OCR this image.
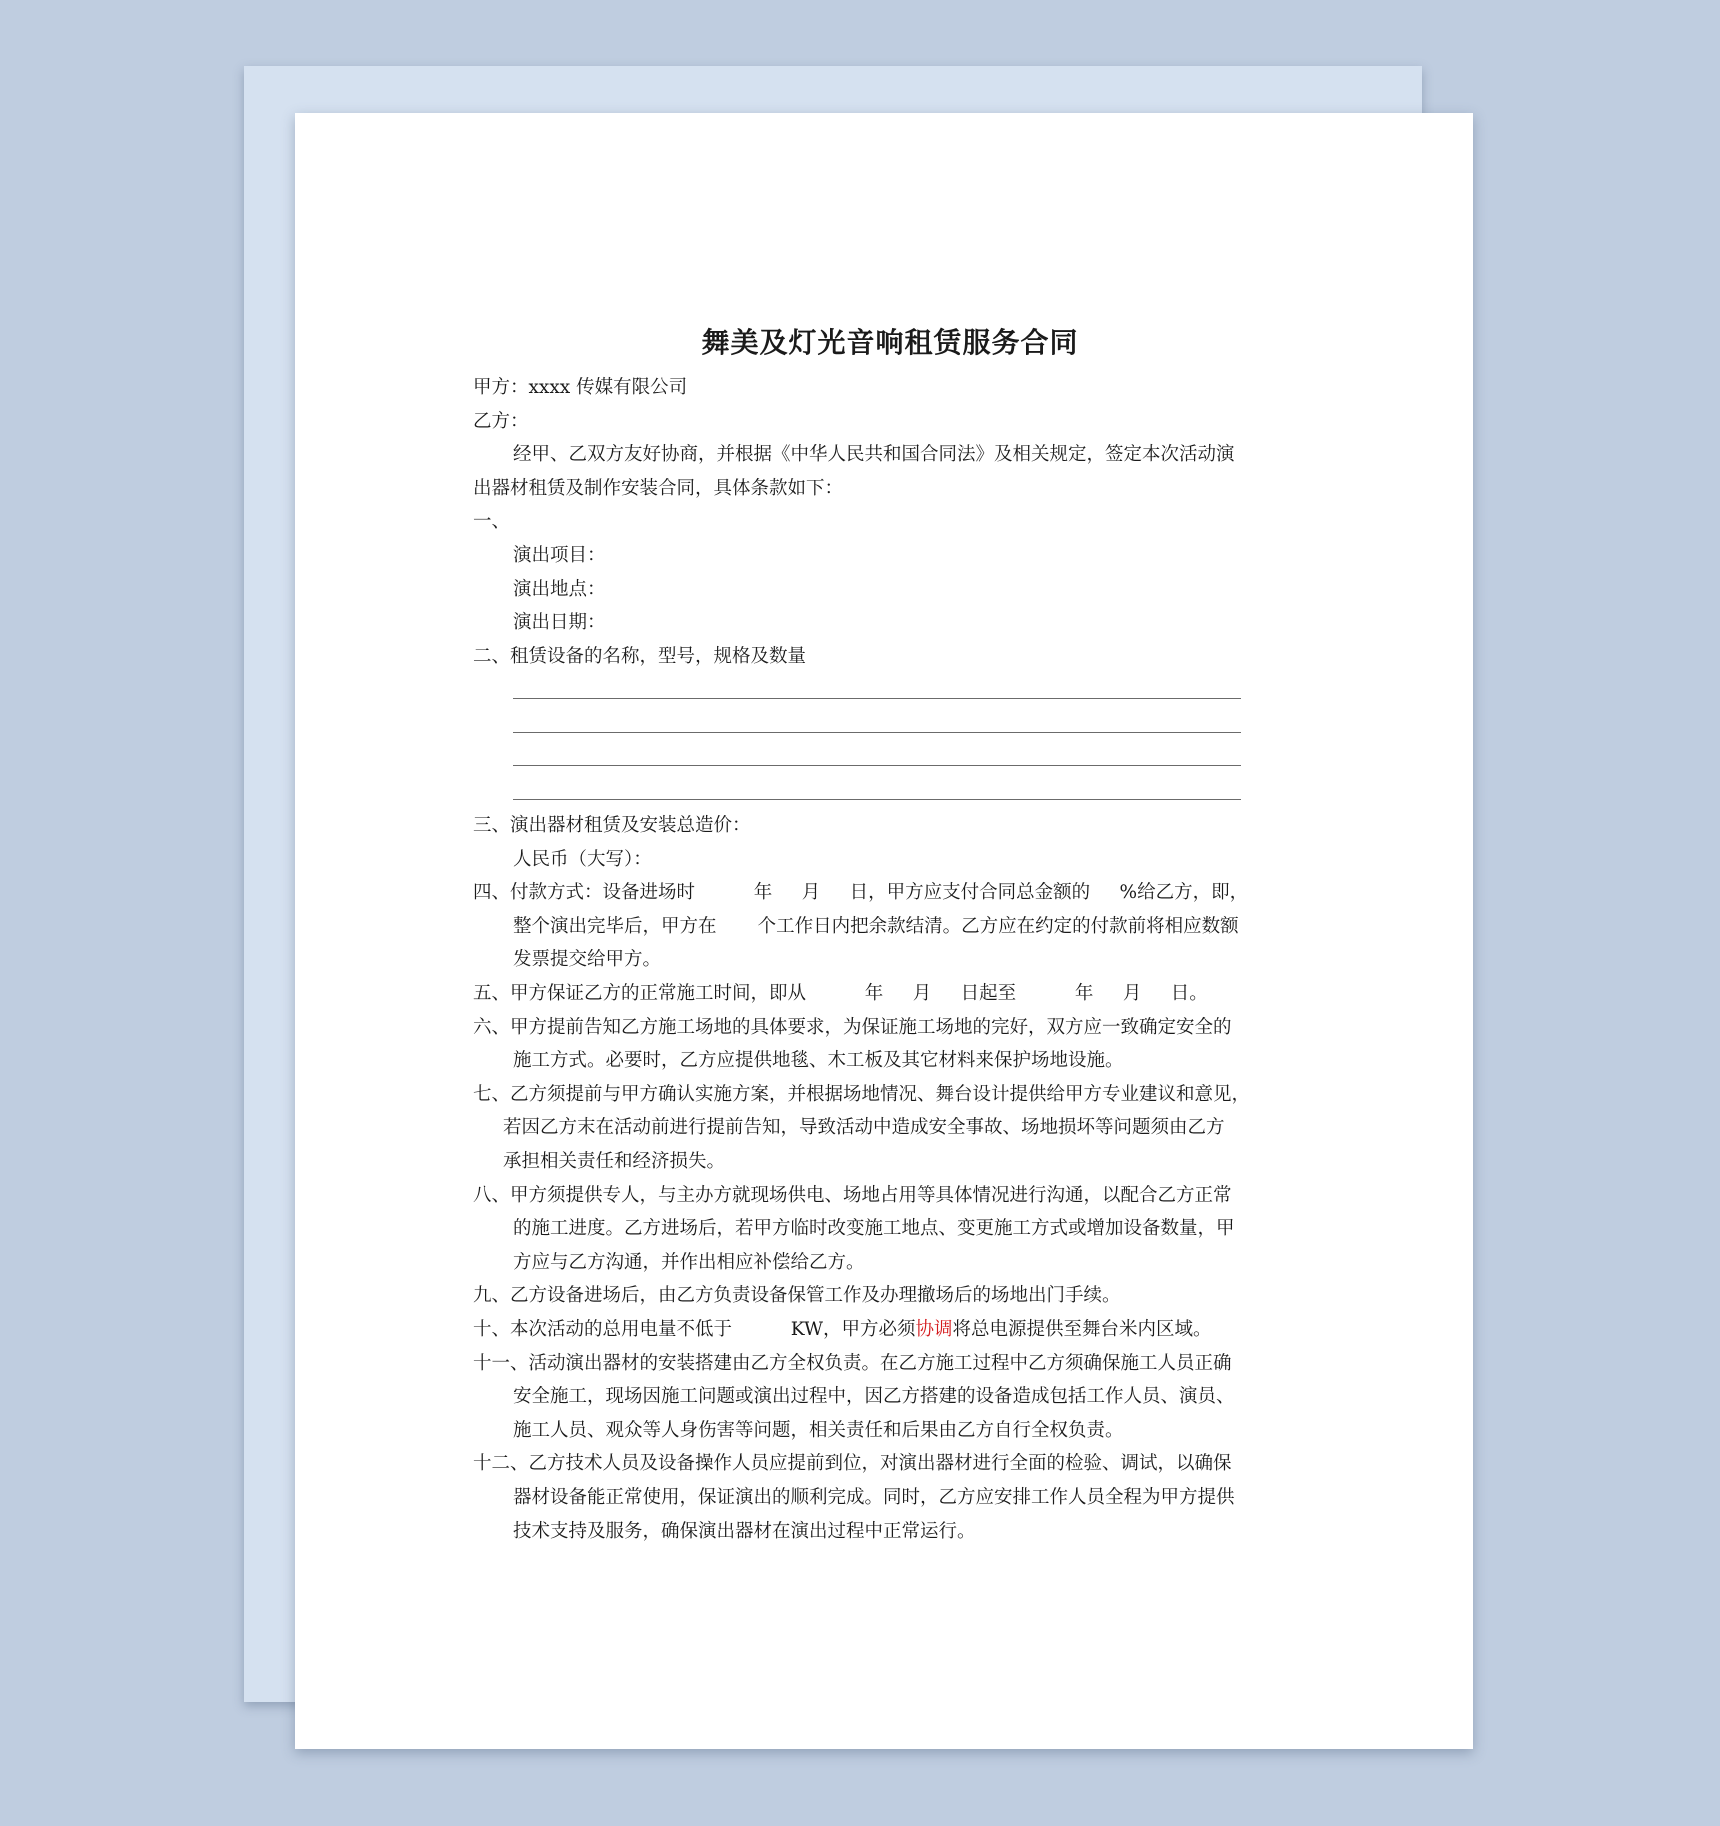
舞美及灯光音响租赁服务合同
甲方：xxxx 传媒有限公司
乙方：
经甲、乙双方友好协商，并根据《中华人民共和国合同法》及相关规定，签定本次活动演
出器材租赁及制作安装合同，具体条款如下：
一、
演出项目：
演出地点：
演出日期：
二、租赁设备的名称，型号，规格及数量
三、演出器材租赁及安装总造价：
人民币（大写）：
四、付款方式：设备进场时          年     月     日，甲方应支付合同总金额的     %给乙方，即，
整个演出完毕后，甲方在       个工作日内把余款结清。乙方应在约定的付款前将相应数额
发票提交给甲方。
五、甲方保证乙方的正常施工时间，即从          年     月     日起至          年     月     日。
六、甲方提前告知乙方施工场地的具体要求，为保证施工场地的完好，双方应一致确定安全的
施工方式。必要时，乙方应提供地毯、木工板及其它材料来保护场地设施。
七、乙方须提前与甲方确认实施方案，并根据场地情况、舞台设计提供给甲方专业建议和意见，
若因乙方末在活动前进行提前告知，导致活动中造成安全事故、场地损坏等问题须由乙方
承担相关责任和经济损失。
八、甲方须提供专人，与主办方就现场供电、场地占用等具体情况进行沟通，以配合乙方正常
的施工进度。乙方进场后，若甲方临时改变施工地点、变更施工方式或增加设备数量，甲
方应与乙方沟通，并作出相应补偿给乙方。
九、乙方设备进场后，由乙方负责设备保管工作及办理撤场后的场地出门手续。
十、本次活动的总用电量不低于          KW，甲方必须协调将总电源提供至舞台米内区域。
十一、活动演出器材的安装搭建由乙方全权负责。在乙方施工过程中乙方须确保施工人员正确
安全施工，现场因施工问题或演出过程中，因乙方搭建的设备造成包括工作人员、演员、
施工人员、观众等人身伤害等问题，相关责任和后果由乙方自行全权负责。
十二、乙方技术人员及设备操作人员应提前到位，对演出器材进行全面的检验、调试，以确保
器材设备能正常使用，保证演出的顺利完成。同时，乙方应安排工作人员全程为甲方提供
技术支持及服务，确保演出器材在演出过程中正常运行。
